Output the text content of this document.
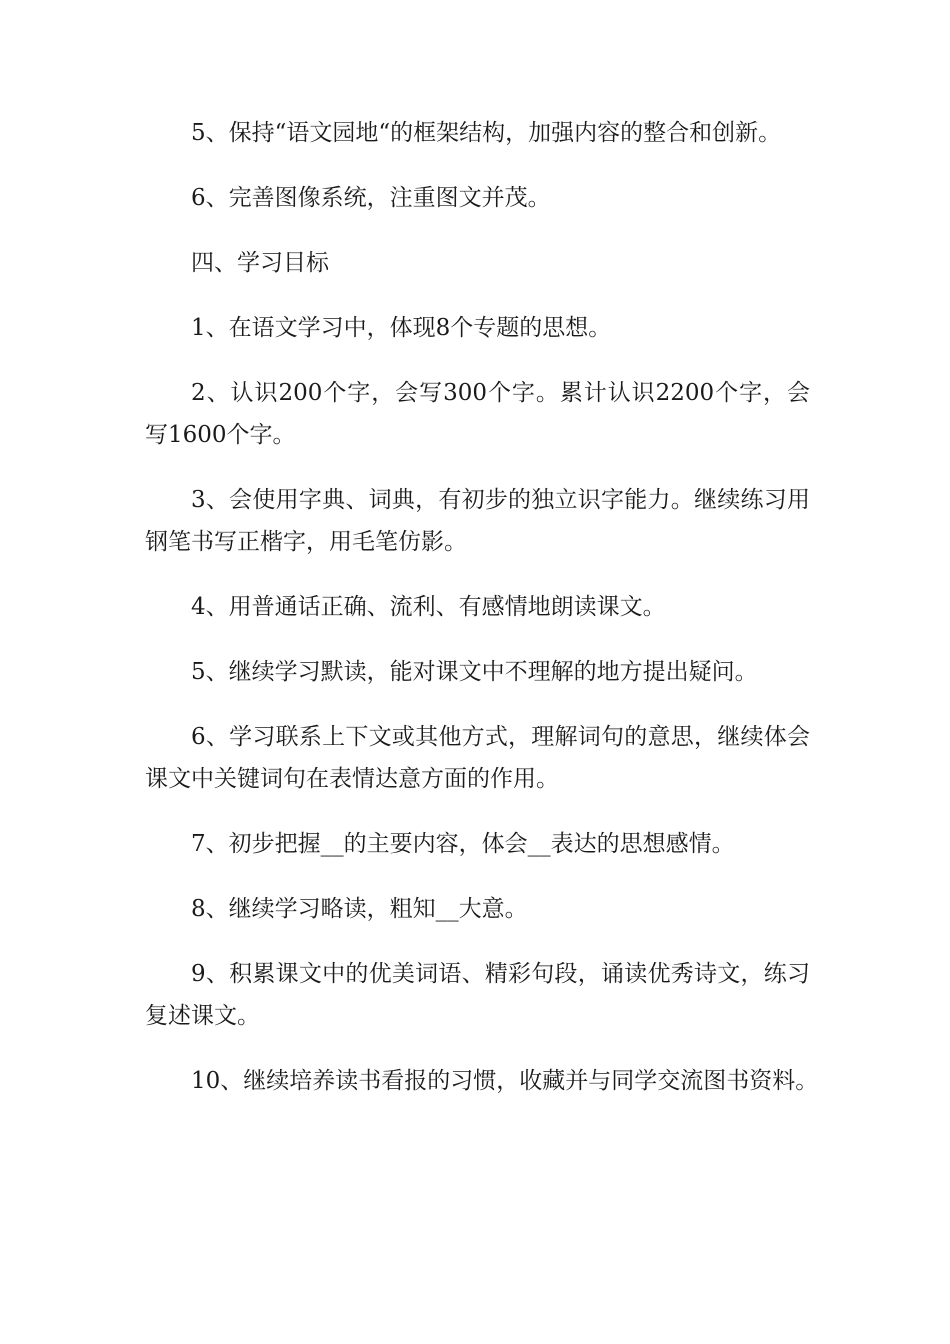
5、保持“语文园地“的框架结构，加强内容的整合和创新。

6、完善图像系统，注重图文并茂。

四、学习目标

1、在语文学习中，体现8个专题的思想。

2、认识200个字，会写300个字。累计认识2200个字，会写1600个字。

3、会使用字典、词典，有初步的独立识字能力。继续练习用钢笔书写正楷字，用毛笔仿影。

4、用普通话正确、流利、有感情地朗读课文。

5、继续学习默读，能对课文中不理解的地方提出疑问。

6、学习联系上下文或其他方式，理解词句的意思，继续体会课文中关键词句在表情达意方面的作用。

7、初步把握__的主要内容，体会__表达的思想感情。

8、继续学习略读，粗知__大意。

9、积累课文中的优美词语、精彩句段，诵读优秀诗文，练习复述课文。

10、继续培养读书看报的习惯，收藏并与同学交流图书资料。
